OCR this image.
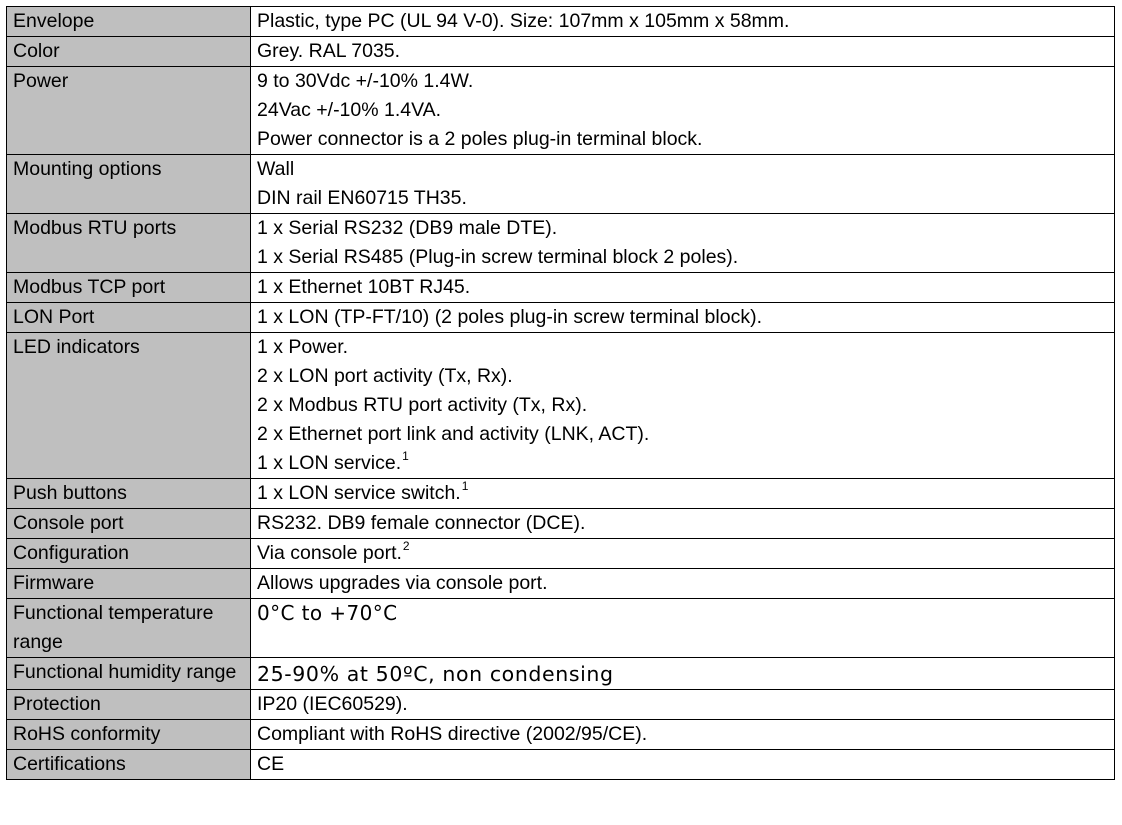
Envelope	Plastic, type PC (UL 94 V-0). Size: 107mm x 105mm x 58mm.

Color	Grey. RAL 7035.

Power	9 to 30Vdc +/-10% 1.4W.
24Vac +/-10% 1.4VA.
Power connector is a 2 poles plug-in terminal block.

Mounting options	Wall
DIN rail EN60715 TH35.

Modbus RTU ports	1 x Serial RS232 (DB9 male DTE).
1 x Serial RS485 (Plug-in screw terminal block 2 poles).

Modbus TCP port	1 x Ethernet 10BT RJ45.

LON Port	1 x LON (TP-FT/10) (2 poles plug-in screw terminal block).

LED indicators	1 x Power.
2 x LON port activity (Tx, Rx).
2 x Modbus RTU port activity (Tx, Rx).
2 x Ethernet port link and activity (LNK, ACT).
1 x LON service.$^1$

Push buttons	1 x LON service switch.$^1$

Console port	RS232. DB9 female connector (DCE).

Configuration	Via console port.$^2$

Firmware	Allows upgrades via console port.

Functional temperature range	0°C to +70°C

Functional humidity range	25-90% at 50ºC, non condensing

Protection	IP20 (IEC60529).

RoHS conformity	Compliant with RoHS directive (2002/95/CE).

Certifications	CE
